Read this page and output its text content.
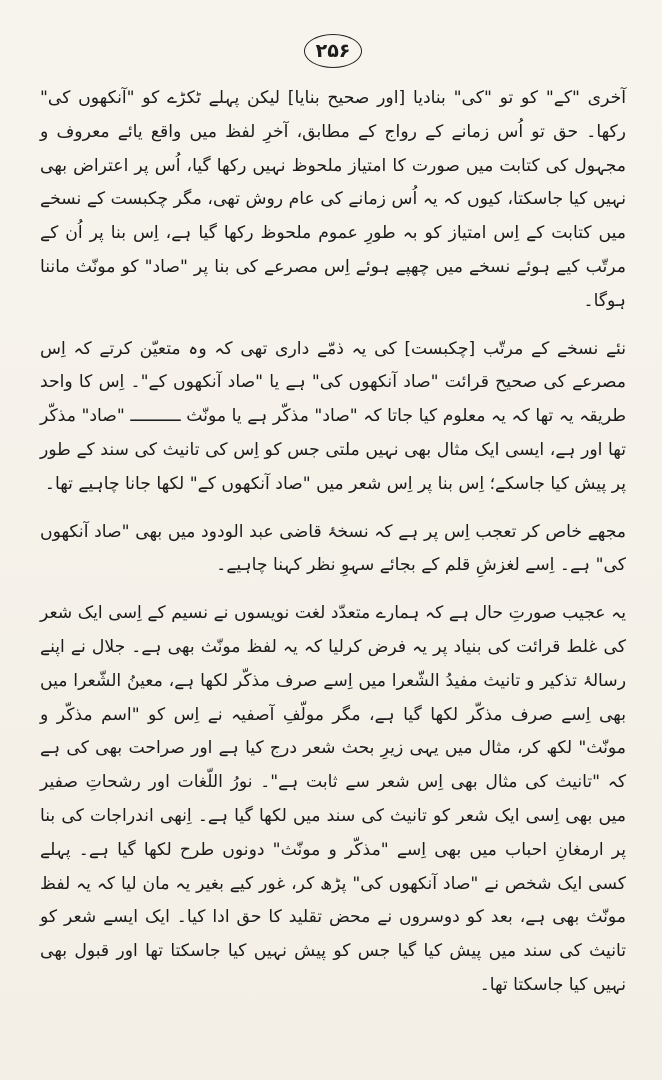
۲۵۶

آخری "کے" کو تو "کی" بنادیا [اور صحیح بنایا] لیکن پہلے ٹکڑے کو "آنکھوں کی" رکھا۔ حق تو اُس زمانے کے رواج کے مطابق، آخرِ لفظ میں واقع یائے معروف و مجہول کی کتابت میں صورت کا امتیاز ملحوظ نہیں رکھا گیا، اُس پر اعتراض بھی نہیں کیا جاسکتا، کیوں کہ یہ اُس زمانے کی عام روش تھی، مگر چکبست کے نسخے میں کتابت کے اِس امتیاز کو بہ طورِ عموم ملحوظ رکھا گیا ہے، اِس بنا پر اُن کے مرتّب کیے ہوئے نسخے میں چھپے ہوئے اِس مصرعے کی بنا پر "صاد" کو مونّث ماننا ہوگا۔

نئے نسخے کے مرتّب [چکبست] کی یہ ذمّے داری تھی کہ وہ متعیّن کرتے کہ اِس مصرعے کی صحیح قرائت "صاد آنکھوں کی" ہے یا "صاد آنکھوں کے"۔ اِس کا واحد طریقہ یہ تھا کہ یہ معلوم کیا جاتا کہ "صاد" مذکّر ہے یا مونّث ــــــــــ "صاد" مذکّر تھا اور ہے، ایسی ایک مثال بھی نہیں ملتی جس کو اِس کی تانیث کی سند کے طور پر پیش کیا جاسکے؛ اِس بنا پر اِس شعر میں "صاد آنکھوں کے" لکھا جانا چاہیے تھا۔

مجھے خاص کر تعجب اِس پر ہے کہ نسخۂ قاضی عبد الودود میں بھی "صاد آنکھوں کی" ہے۔ اِسے لغزشِ قلم کے بجائے سہوِ نظر کہنا چاہیے۔

یہ عجیب صورتِ حال ہے کہ ہمارے متعدّد لغت نویسوں نے نسیم کے اِسی ایک شعر کی غلط قرائت کی بنیاد پر یہ فرض کرلیا کہ یہ لفظ مونّث بھی ہے۔ جلال نے اپنے رسالۂ تذکیر و تانیث مفیدُ الشّعرا میں اِسے صرف مذکّر لکھا ہے، معینُ الشّعرا میں بھی اِسے صرف مذکّر لکھا گیا ہے، مگر مولّفِ آصفیہ نے اِس کو "اسم مذکّر و مونّث" لکھ کر، مثال میں یہی زیرِ بحث شعر درج کیا ہے اور صراحت بھی کی ہے کہ "تانیث کی مثال بھی اِس شعر سے ثابت ہے"۔ نورُ اللّغات اور رشحاتِ صفیر میں بھی اِسی ایک شعر کو تانیث کی سند میں لکھا گیا ہے۔ اِنھی اندراجات کی بنا پر ارمغانِ احباب میں بھی اِسے "مذکّر و مونّث" دونوں طرح لکھا گیا ہے۔ پہلے کسی ایک شخص نے "صاد آنکھوں کی" پڑھ کر، غور کیے بغیر یہ مان لیا کہ یہ لفظ مونّث بھی ہے، بعد کو دوسروں نے محض تقلید کا حق ادا کیا۔ ایک ایسے شعر کو تانیث کی سند میں پیش کیا گیا جس کو پیش نہیں کیا جاسکتا تھا اور قبول بھی نہیں کیا جاسکتا تھا۔
